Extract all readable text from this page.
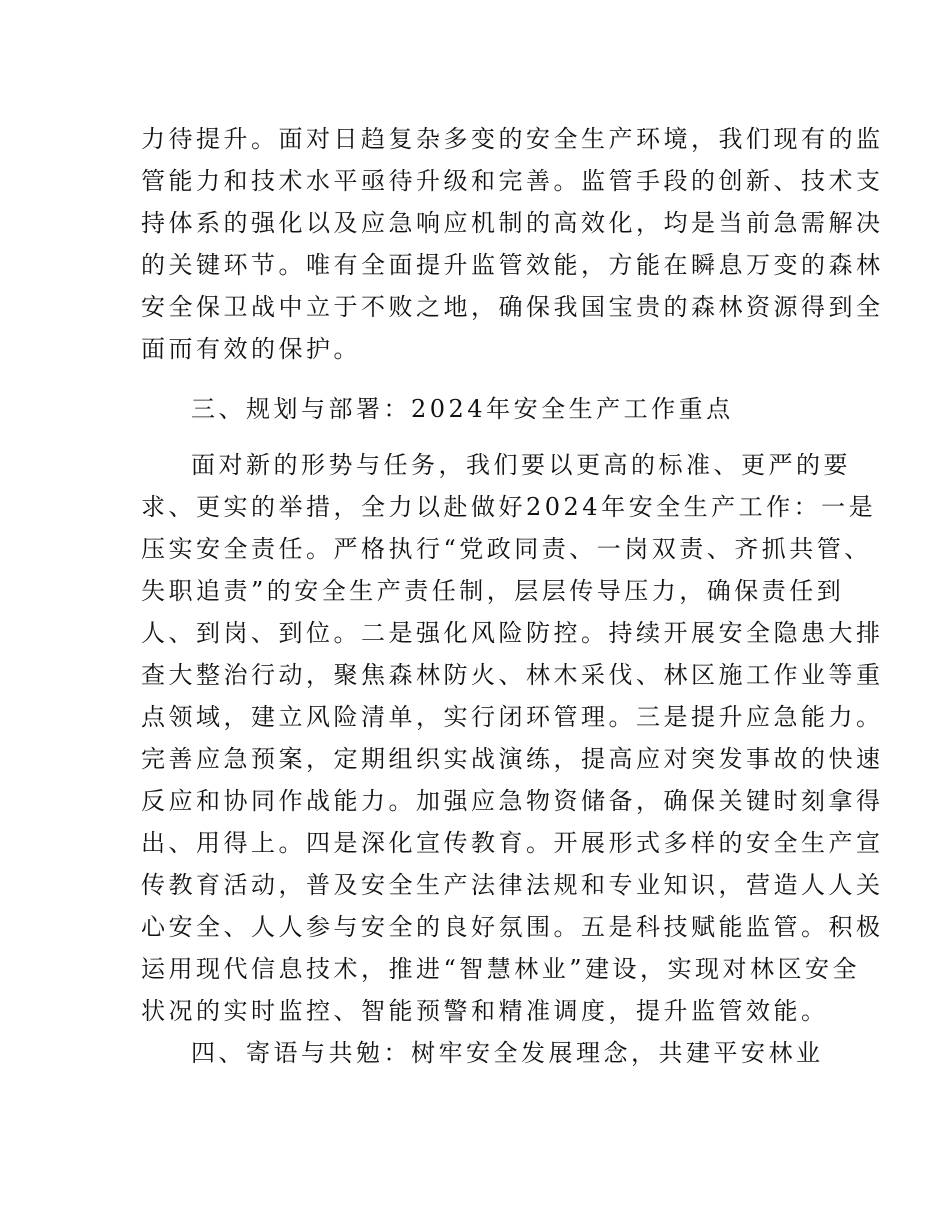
力待提升。面对日趋复杂多变的安全生产环境，我们现有的监
管能力和技术水平亟待升级和完善。监管手段的创新、技术支
持体系的强化以及应急响应机制的高效化，均是当前急需解决
的关键环节。唯有全面提升监管效能，方能在瞬息万变的森林
安全保卫战中立于不败之地，确保我国宝贵的森林资源得到全
面而有效的保护。
三、规划与部署：2024年安全生产工作重点
面对新的形势与任务，我们要以更高的标准、更严的要
求、更实的举措，全力以赴做好2024年安全生产工作：一是
压实安全责任。严格执行“党政同责、一岗双责、齐抓共管、
失职追责”的安全生产责任制，层层传导压力，确保责任到
人、到岗、到位。二是强化风险防控。持续开展安全隐患大排
查大整治行动，聚焦森林防火、林木采伐、林区施工作业等重
点领域，建立风险清单，实行闭环管理。三是提升应急能力。
完善应急预案，定期组织实战演练，提高应对突发事故的快速
反应和协同作战能力。加强应急物资储备，确保关键时刻拿得
出、用得上。四是深化宣传教育。开展形式多样的安全生产宣
传教育活动，普及安全生产法律法规和专业知识，营造人人关
心安全、人人参与安全的良好氛围。五是科技赋能监管。积极
运用现代信息技术，推进“智慧林业”建设，实现对林区安全
状况的实时监控、智能预警和精准调度，提升监管效能。
四、寄语与共勉：树牢安全发展理念，共建平安林业
